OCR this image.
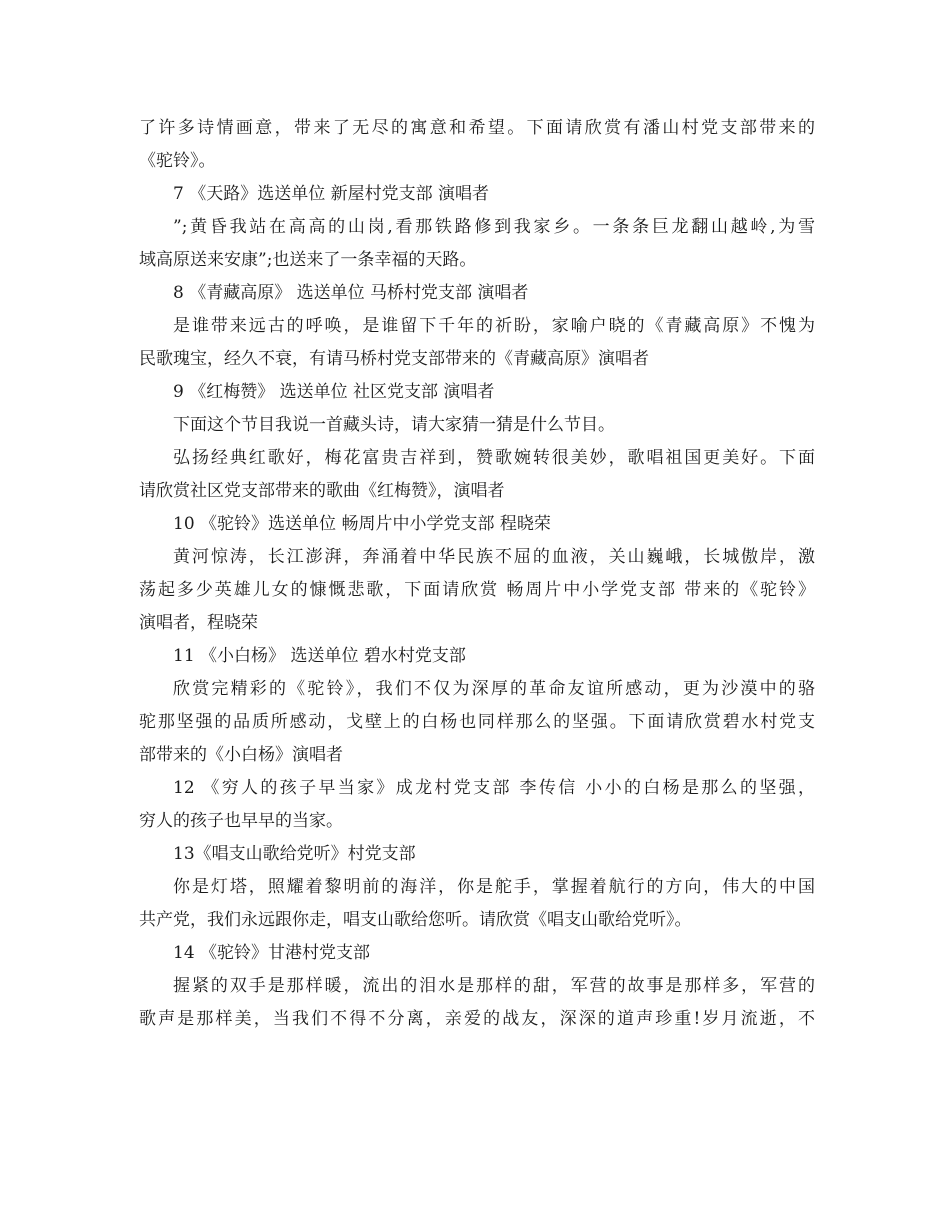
了许多诗情画意，带来了无尽的寓意和希望。下面请欣赏有潘山村党支部带来的
《驼铃》。
7 《天路》选送单位 新屋村党支部 演唱者
”;黄昏我站在高高的山岗,看那铁路修到我家乡。一条条巨龙翻山越岭,为雪
域高原送来安康”;也送来了一条幸福的天路。
8 《青藏高原》 选送单位 马桥村党支部 演唱者
是谁带来远古的呼唤，是谁留下千年的祈盼，家喻户晓的《青藏高原》不愧为
民歌瑰宝，经久不衰，有请马桥村党支部带来的《青藏高原》演唱者
9 《红梅赞》 选送单位 社区党支部 演唱者
下面这个节目我说一首藏头诗，请大家猜一猜是什么节目。
弘扬经典红歌好，梅花富贵吉祥到，赞歌婉转很美妙，歌唱祖国更美好。下面
请欣赏社区党支部带来的歌曲《红梅赞》，演唱者
10 《驼铃》选送单位 畅周片中小学党支部 程晓荣
黄河惊涛，长江澎湃，奔涌着中华民族不屈的血液，关山巍峨，长城傲岸，激
荡起多少英雄儿女的慷慨悲歌，下面请欣赏 畅周片中小学党支部 带来的《驼铃》
演唱者，程晓荣
11 《小白杨》 选送单位 碧水村党支部
欣赏完精彩的《驼铃》，我们不仅为深厚的革命友谊所感动，更为沙漠中的骆
驼那坚强的品质所感动，戈壁上的白杨也同样那么的坚强。下面请欣赏碧水村党支
部带来的《小白杨》演唱者
12 《穷人的孩子早当家》成龙村党支部 李传信 小小的白杨是那么的坚强，
穷人的孩子也早早的当家。
13《唱支山歌给党听》村党支部
你是灯塔，照耀着黎明前的海洋，你是舵手，掌握着航行的方向，伟大的中国
共产党，我们永远跟你走，唱支山歌给您听。请欣赏《唱支山歌给党听》。
14 《驼铃》甘港村党支部
握紧的双手是那样暖，流出的泪水是那样的甜，军营的故事是那样多，军营的
歌声是那样美，当我们不得不分离，亲爱的战友，深深的道声珍重!岁月流逝，不
